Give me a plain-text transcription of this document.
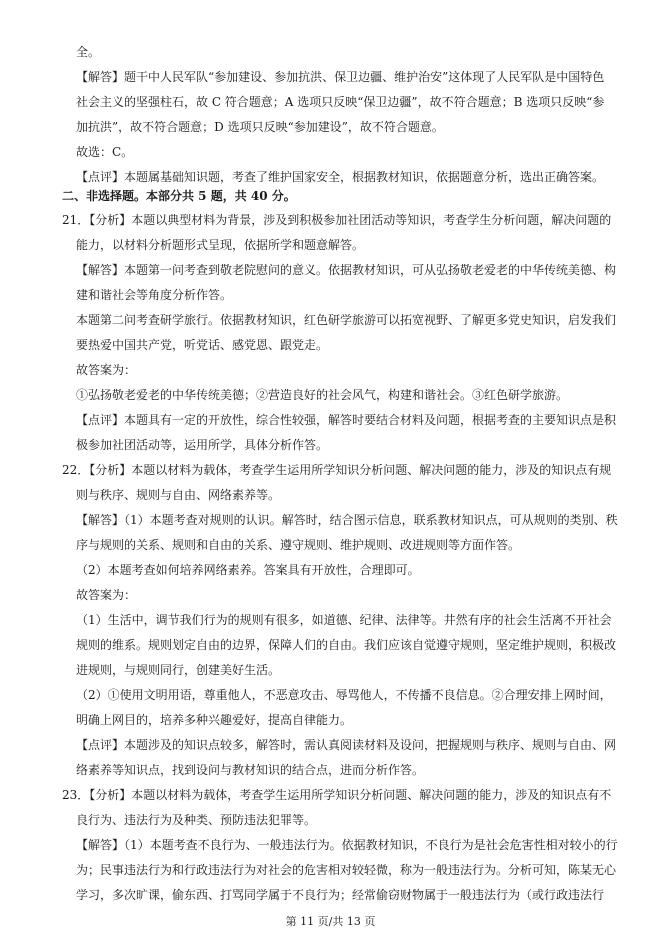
全。
【解答】题干中人民军队“参加建设、参加抗洪、保卫边疆、维护治安”这体现了人民军队是中国特色
社会主义的坚强柱石，故 C 符合题意；A 选项只反映“保卫边疆”，故不符合题意；B 选项只反映“参
加抗洪”，故不符合题意；D 选项只反映“参加建设”，故不符合题意。
故选：C。
【点评】本题属基础知识题，考查了维护国家安全，根据教材知识，依据题意分析，选出正确答案。
二、非选择题。本部分共 5 题，共 40 分。
21．【分析】本题以典型材料为背景，涉及到积极参加社团活动等知识，考查学生分析问题，解决问题的
能力，以材料分析题形式呈现，依据所学和题意解答。
【解答】本题第一问考查到敬老院慰问的意义。依据教材知识，可从弘扬敬老爱老的中华传统美德、构
建和谐社会等角度分析作答。
本题第二问考查研学旅行。依据教材知识，红色研学旅游可以拓宽视野、了解更多党史知识，启发我们
要热爱中国共产党，听党话、感党恩、跟党走。
故答案为：
①弘扬敬老爱老的中华传统美德；②营造良好的社会风气，构建和谐社会。③红色研学旅游。
【点评】本题具有一定的开放性，综合性较强，解答时要结合材料及问题，根据考查的主要知识点是积
极参加社团活动等，运用所学，具体分析作答。
22．【分析】本题以材料为载体，考查学生运用所学知识分析问题、解决问题的能力，涉及的知识点有规
则与秩序、规则与自由、网络素养等。
【解答】（1）本题考查对规则的认识。解答时，结合图示信息，联系教材知识点，可从规则的类别、秩
序与规则的关系、规则和自由的关系、遵守规则、维护规则、改进规则等方面作答。
（2）本题考查如何培养网络素养。答案具有开放性，合理即可。
故答案为：
（1）生活中，调节我们行为的规则有很多，如道德、纪律、法律等。井然有序的社会生活离不开社会
规则的维系。规则划定自由的边界，保障人们的自由。我们应该自觉遵守规则，坚定维护规则，积极改
进规则，与规则同行，创建美好生活。
（2）①使用文明用语，尊重他人，不恶意攻击、辱骂他人，不传播不良信息。②合理安排上网时间，
明确上网目的，培养多种兴趣爱好，提高自律能力。
【点评】本题涉及的知识点较多，解答时，需认真阅读材料及设问，把握规则与秩序、规则与自由、网
络素养等知识点，找到设问与教材知识的结合点，进而分析作答。
23．【分析】本题以材料为载体，考查学生运用所学知识分析问题、解决问题的能力，涉及的知识点有不
良行为、违法行为及种类、预防违法犯罪等。
【解答】（1）本题考查不良行为、一般违法行为。依据教材知识，不良行为是社会危害性相对较小的行
为；民事违法行为和行政违法行为对社会的危害相对较轻微，称为一般违法行为。分析可知，陈某无心
学习，多次旷课，偷东西、打骂同学属于不良行为；经常偷窃财物属于一般违法行为（或行政违法行
第 11 页/共 13 页
